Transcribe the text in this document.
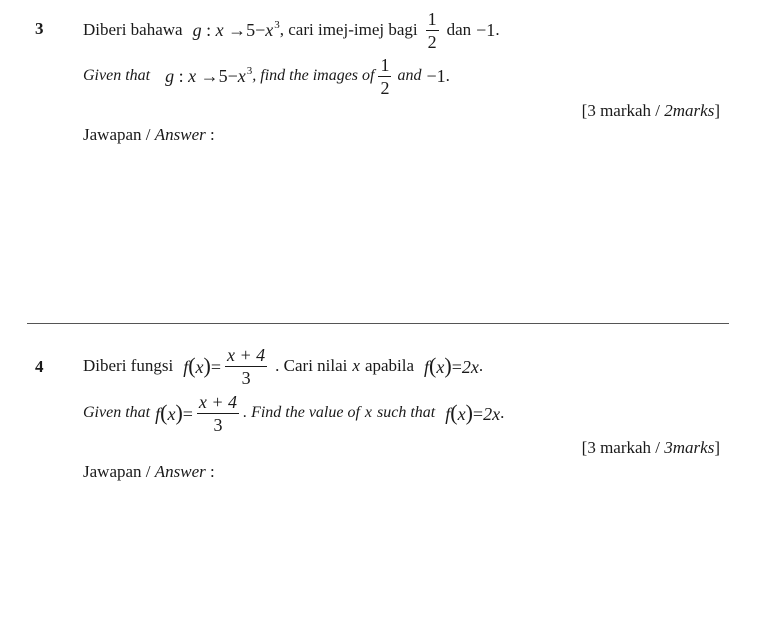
3 Diberi bahawa g : $x \to 5-x^3$ , cari imej-imej bagi $\frac{1}{2}$ dan −1 .
Given that g : $x \to 5-x^3$ , find the images of $\frac{1}{2}$ and −1 .
[3 markah / 2marks]
Jawapan / Answer :
4 Diberi fungsi $f(x)= \frac{x + 4}{3}$ . Cari nilai x apabila f(x)=2x .
Given that $f(x)= \frac{x + 4}{3}$ . Find the value of x such that f(x)=2x .
[3 markah / 3marks]
Jawapan / Answer :
